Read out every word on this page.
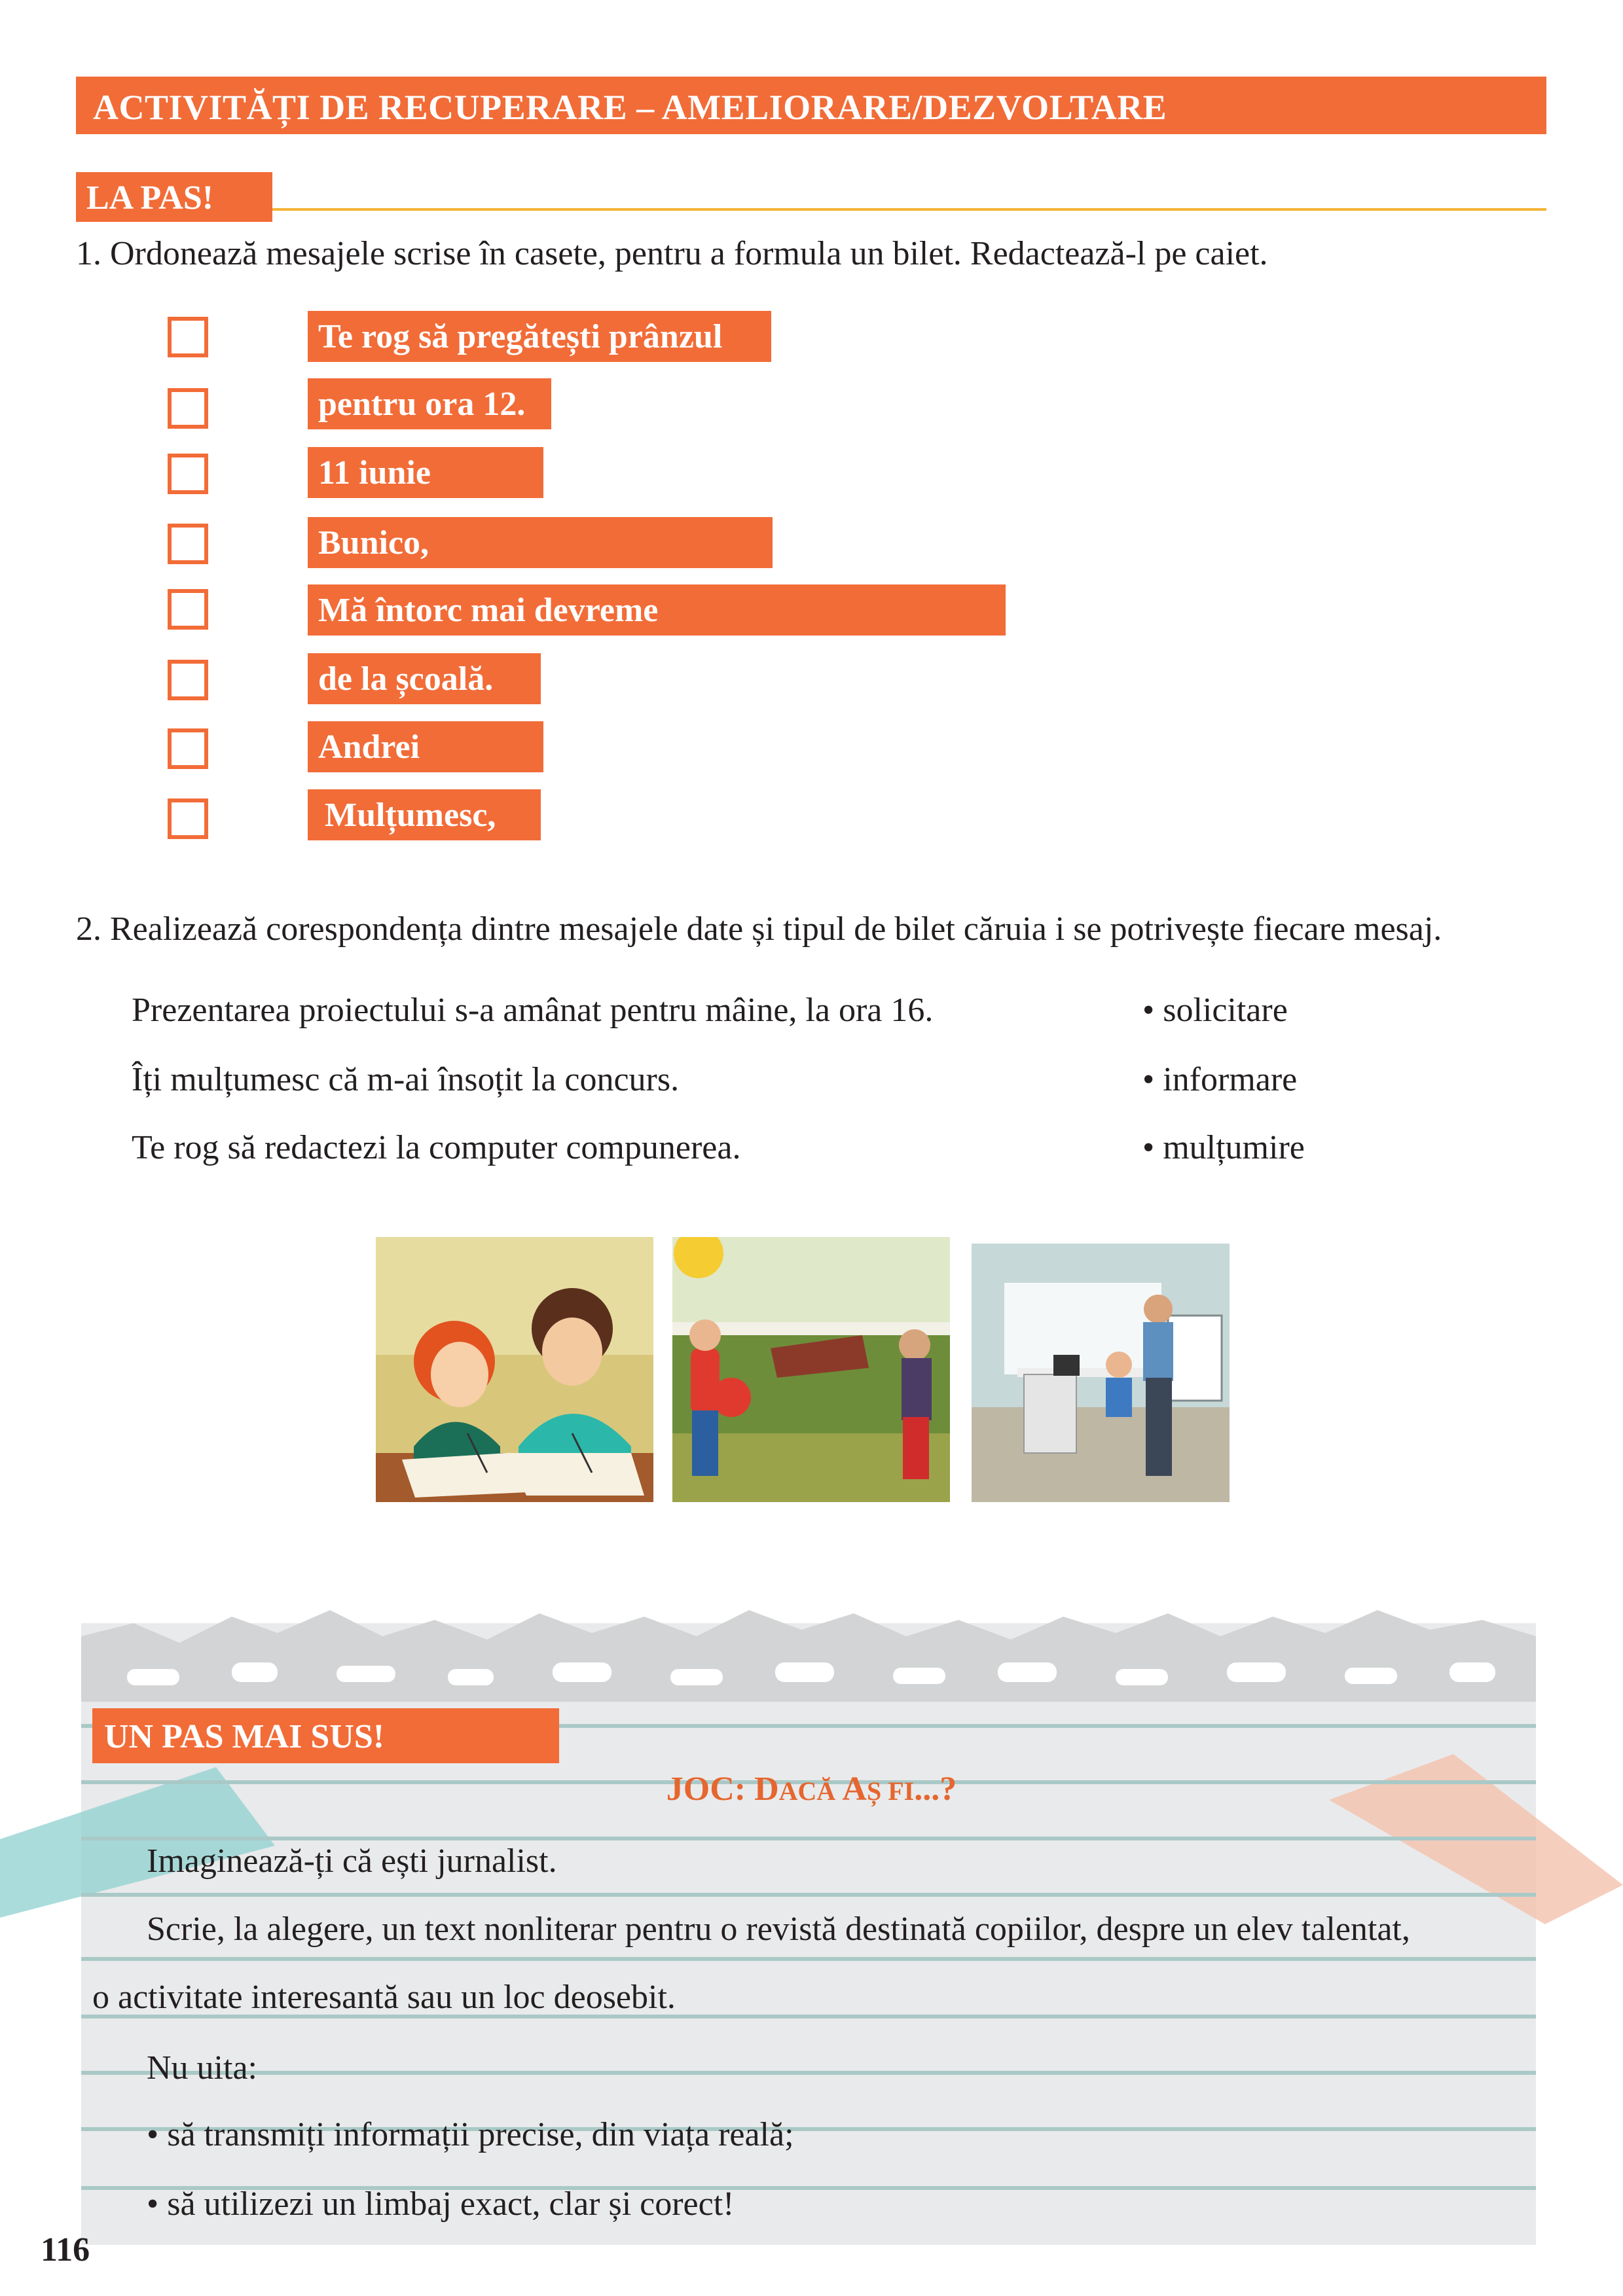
ACTIVITĂȚI DE RECUPERARE – AMELIORARE/DEZVOLTARE
LA PAS!
1. Ordonează mesajele scrise în casete, pentru a formula un bilet. Redactează-l pe caiet.
Te rog să pregătești prânzul
pentru ora 12.
11 iunie
Bunico,
Mă întorc mai devreme
de la școală.
Andrei
Mulțumesc,
2. Realizează corespondența dintre mesajele date și tipul de bilet căruia i se potrivește fiecare mesaj.
Prezentarea proiectului s-a amânat pentru mâine, la ora 16.
Îți mulțumesc că m-ai însoțit la concurs.
Te rog să redactezi la computer compunerea.
• solicitare
• informare
• mulțumire
UN PAS MAI SUS!
JOC: DACĂ AȘ FI...?
Imaginează-ți că ești jurnalist.
Scrie, la alegere, un text nonliterar pentru o revistă destinată copiilor, despre un elev talentat,
o activitate interesantă sau un loc deosebit.
Nu uita:
• să transmiți informații precise, din viața reală;
• să utilizezi un limbaj exact, clar și corect!
116
